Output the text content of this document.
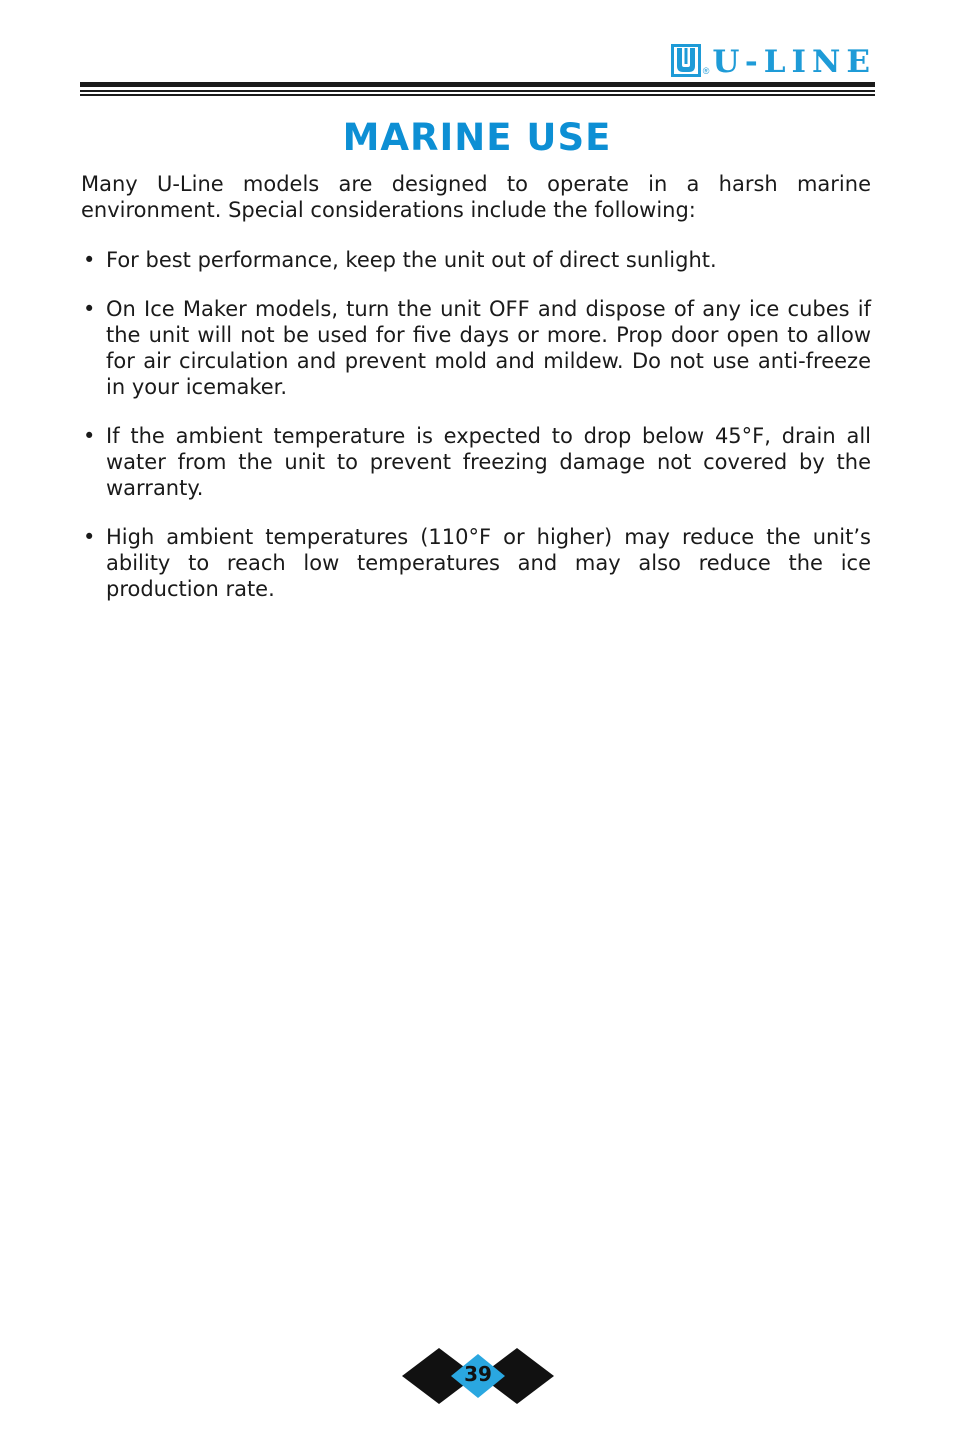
® U-LINE
MARINE USE

Many U-Line models are designed to operate in a harsh marine environment. Special considerations include the following:

• For best performance, keep the unit out of direct sunlight.
• On Ice Maker models, turn the unit OFF and dispose of any ice cubes if the unit will not be used for five days or more. Prop door open to allow for air circulation and prevent mold and mildew. Do not use anti-freeze in your icemaker.
• If the ambient temperature is expected to drop below 45°F, drain all water from the unit to prevent freezing damage not covered by the warranty.
• High ambient temperatures (110°F or higher) may reduce the unit’s ability to reach low temperatures and may also reduce the ice production rate.
39
